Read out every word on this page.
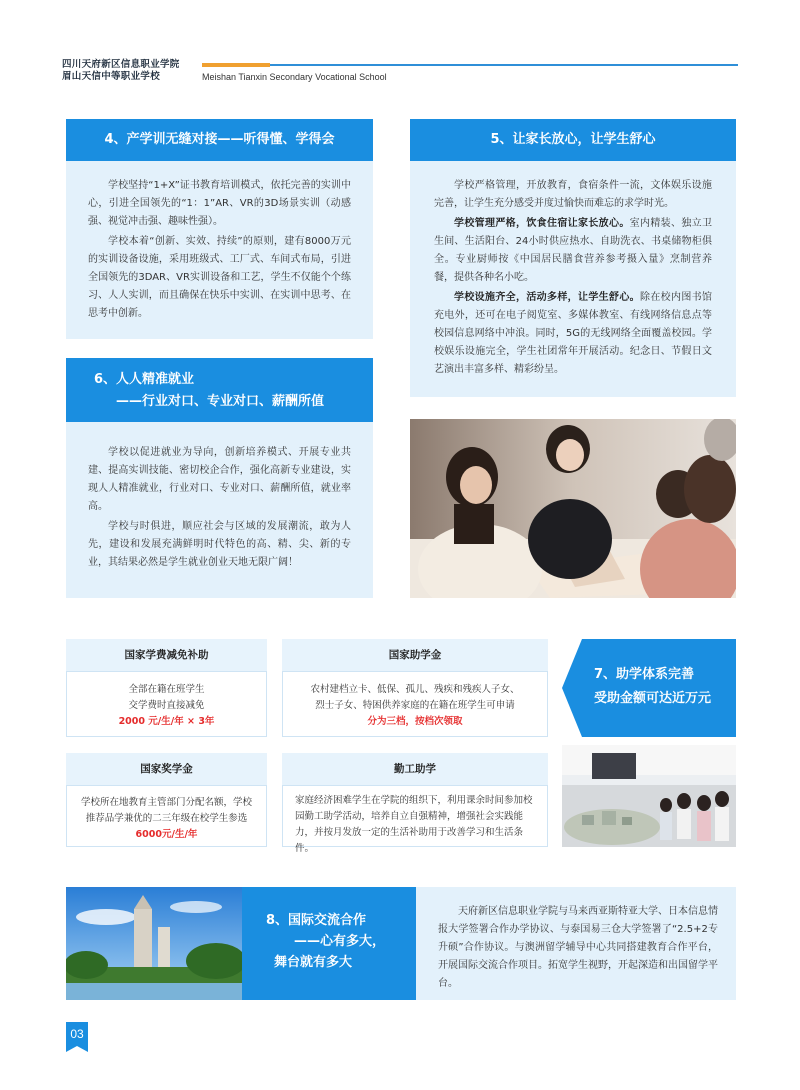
四川天府新区信息职业学院
眉山天信中等职业学校	Meishan Tianxin Secondary Vocational School
4、产学训无缝对接——听得懂、学得会

学校坚持“1+X”证书教育培训模式，依托完善的实训中心，引进全国领先的“1：1”AR、VR的3D场景实训（动感强、视觉冲击强、趣味性强）。

学校本着“创新、实效、持续”的原则，建有8000万元的实训设备设施，采用班级式、工厂式、车间式布局，引进全国领先的3DAR、VR实训设备和工艺，学生不仅能个个练习、人人实训，而且确保在快乐中实训、在实训中思考、在思考中创新。

5、让家长放心，让学生舒心

学校严格管理，开放教育，食宿条件一流，文体娱乐设施完善，让学生充分感受并度过愉快而难忘的求学时光。

学校管理严格，饮食住宿让家长放心。室内精装、独立卫生间、生活阳台、24小时供应热水、自助洗衣、书桌储物柜俱全。专业厨师按《中国居民膳食营养参考摄入量》烹制营养餐，提供各种名小吃。

学校设施齐全，活动多样，让学生舒心。除在校内图书馆充电外，还可在电子阅览室、多媒体教室、有线网络信息点等校园信息网络中冲浪。同时，5G的无线网络全面覆盖校园。学校娱乐设施完全，学生社团常年开展活动。纪念日、节假日文艺演出丰富多样、精彩纷呈。

6、人人精准就业
——行业对口、专业对口、薪酬所值

学校以促进就业为导向，创新培养模式、开展专业共建、提高实训技能、密切校企合作，强化高新专业建设，实现人人精准就业，行业对口、专业对口、薪酬所值，就业率高。

学校与时俱进，顺应社会与区域的发展潮流，敢为人先，建设和发展充满鲜明时代特色的高、精、尖、新的专业，其结果必然是学生就业创业天地无限广阔！

国家学费减免补助
全部在籍在班学生
交学费时直接减免
2000 元/生/年 × 3年
国家助学金
农村建档立卡、低保、孤儿、残疾和残疾人子女、
烈士子女、特困供养家庭的在籍在班学生可申请
分为三档，按档次领取
7、助学体系完善
受助金额可达近万元
国家奖学金
学校所在地教育主管部门分配名额，学校
推荐品学兼优的二三年级在校学生参选
6000元/生/年
勤工助学
家庭经济困难学生在学院的组织下，利用课余时间参加校园勤工助学活动，培养自立自强精神，增强社会实践能力，并按月发放一定的生活补助用于改善学习和生活条件。
8、国际交流合作
——心有多大，
舞台就有多大

天府新区信息职业学院与马来西亚斯特亚大学、日本信息情报大学签署合作办学协议、与泰国易三仓大学签署了“2.5+2专升硕”合作协议。与澳洲留学辅导中心共同搭建教育合作平台，开展国际交流合作项目。拓宽学生视野，开起深造和出国留学平台。

03
